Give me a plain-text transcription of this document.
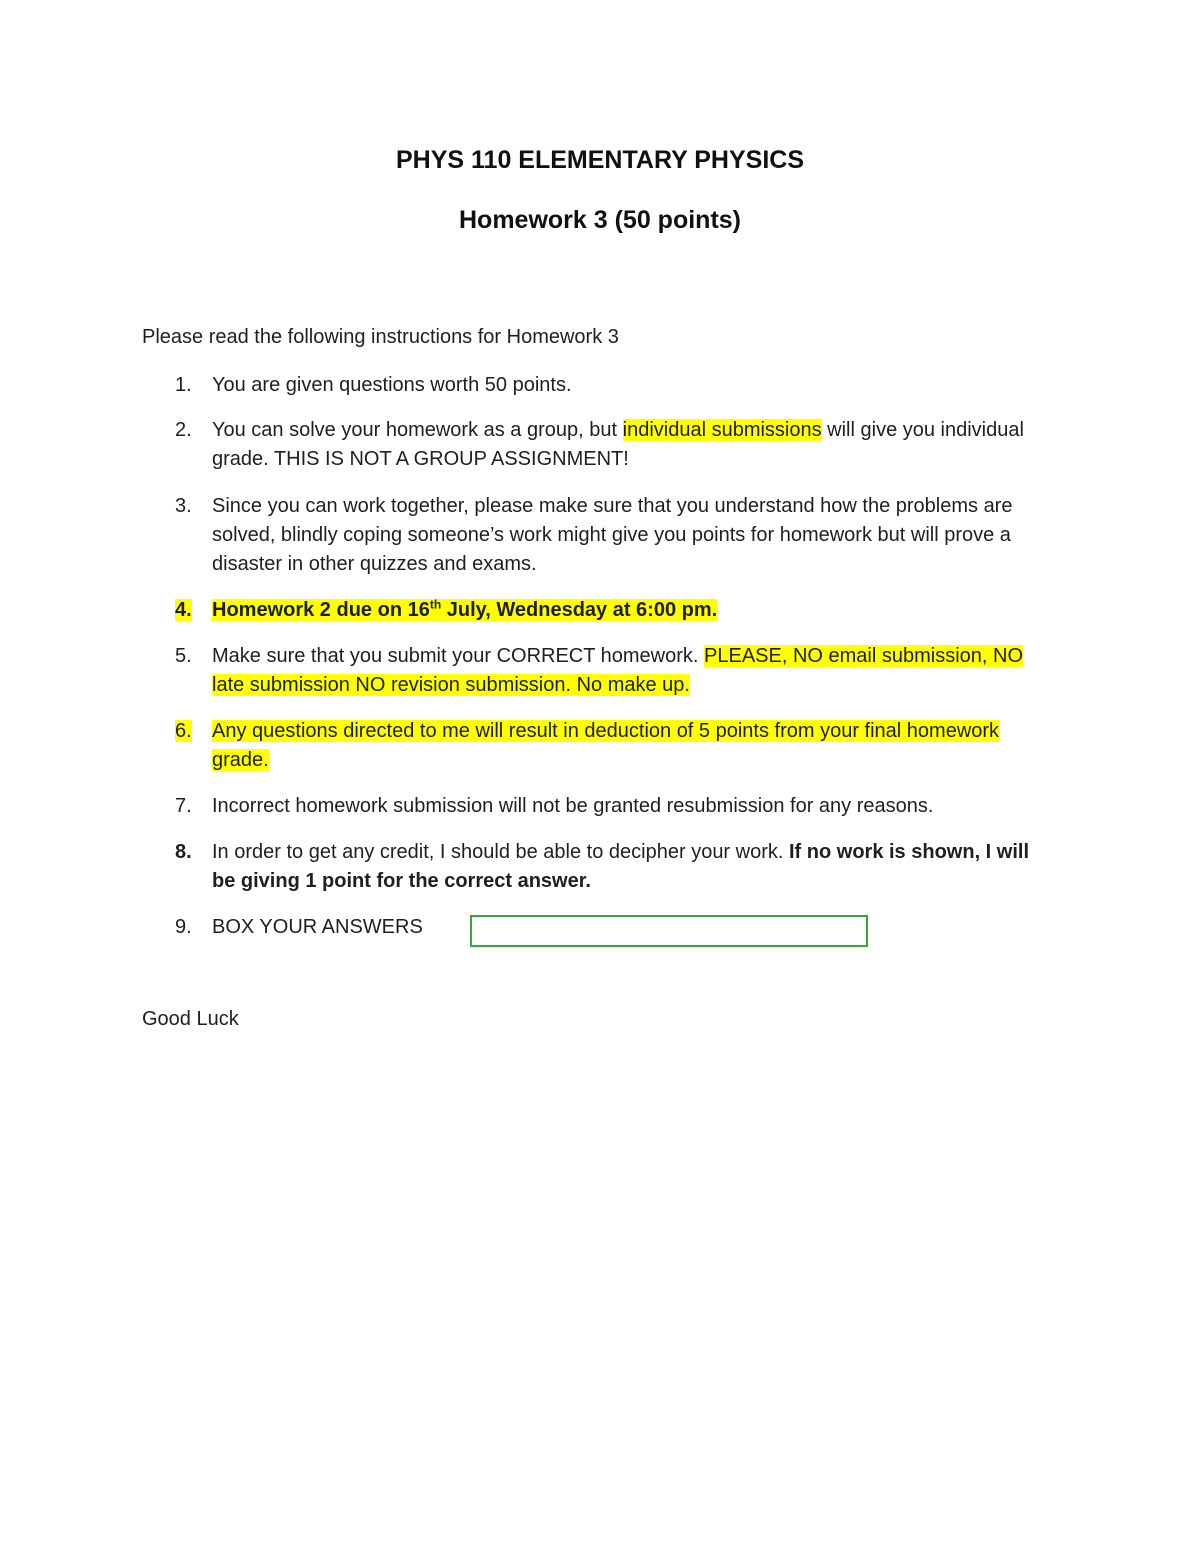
PHYS 110 ELEMENTARY PHYSICS
Homework 3 (50 points)
Please read the following instructions for Homework 3
1.	You are given questions worth 50 points.
2.	You can solve your homework as a group, but individual submissions will give you individual grade. THIS IS NOT A GROUP ASSIGNMENT!
3.	Since you can work together, please make sure that you understand how the problems are solved, blindly coping someone’s work might give you points for homework but will prove a disaster in other quizzes and exams.
4.	Homework 2 due on 16th July, Wednesday at 6:00 pm.
5.	Make sure that you submit your CORRECT homework. PLEASE, NO email submission, NO late submission NO revision submission. No make up.
6.	Any questions directed to me will result in deduction of 5 points from your final homework grade.
7.	Incorrect homework submission will not be granted resubmission for any reasons.
8.	In order to get any credit, I should be able to decipher your work. If no work is shown, I will be giving 1 point for the correct answer.
9.	BOX YOUR ANSWERS
Good Luck
